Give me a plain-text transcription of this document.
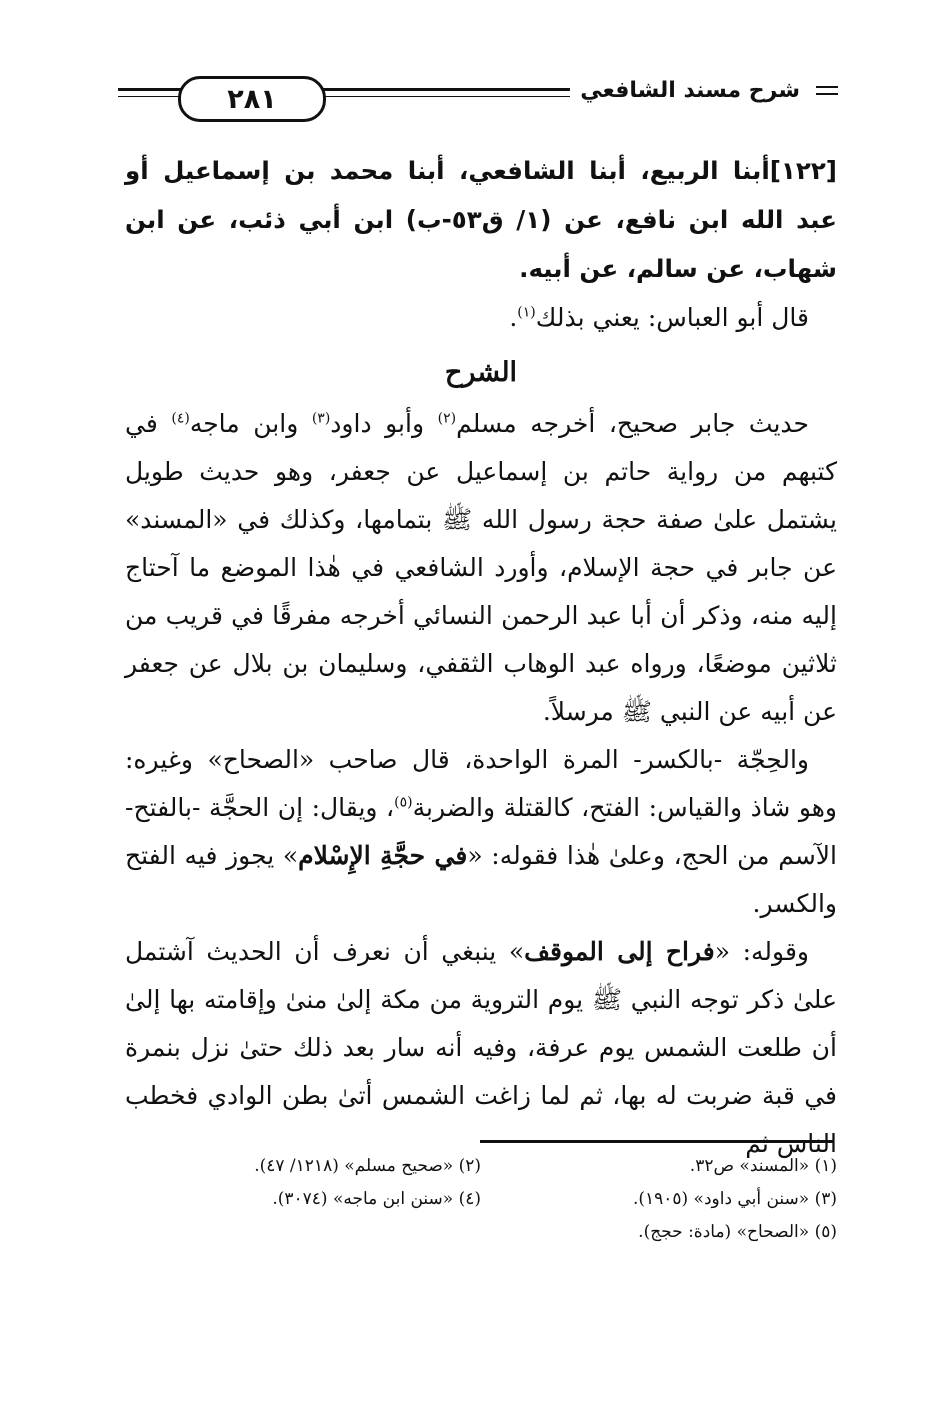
٢٨١	شرح مسند الشافعي

[١٢٢]أبنا الربيع، أبنا الشافعي، أبنا محمد بن إسماعيل أو عبد الله ابن نافع، عن (١/ ق٥٣-ب) ابن أبي ذئب، عن ابن شهاب، عن سالم، عن أبيه.

قال أبو العباس: يعني بذلك$^{(١)}$.

الشرح

حديث جابر صحيح، أخرجه مسلم$^{(٢)}$ وأبو داود$^{(٣)}$ وابن ماجه$^{(٤)}$ في كتبهم من رواية حاتم بن إسماعيل عن جعفر، وهو حديث طويل يشتمل علىٰ صفة حجة رسول الله ﷺ بتمامها، وكذلك في «المسند» عن جابر في حجة الإسلام، وأورد الشافعي في هٰذا الموضع ما آحتاج إليه منه، وذكر أن أبا عبد الرحمن النسائي أخرجه مفرقًا في قريب من ثلاثين موضعًا، ورواه عبد الوهاب الثقفي، وسليمان بن بلال عن جعفر عن أبيه عن النبي ﷺ مرسلاً.

والحِجّة -بالكسر- المرة الواحدة، قال صاحب «الصحاح» وغيره: وهو شاذ والقياس: الفتح، كالقتلة والضربة$^{(٥)}$، ويقال: إن الحجَّة -بالفتح- الآسم من الحج، وعلىٰ هٰذا فقوله: «في حجَّةِ الإِسْلام» يجوز فيه الفتح والكسر.

وقوله: «فراح إلى الموقف» ينبغي أن نعرف أن الحديث آشتمل علىٰ ذكر توجه النبي ﷺ يوم التروية من مكة إلىٰ منىٰ وإقامته بها إلىٰ أن طلعت الشمس يوم عرفة، وفيه أنه سار بعد ذلك حتىٰ نزل بنمرة في قبة ضربت له بها، ثم لما زاغت الشمس أتىٰ بطن الوادي فخطب الناس ثم

(١) «المسند» ص٣٢.
(٢) «صحيح مسلم» (١٢١٨/ ٤٧).
(٣) «سنن أبي داود» (١٩٠٥).
(٤) «سنن ابن ماجه» (٣٠٧٤).
(٥) «الصحاح» (مادة: حجج).
